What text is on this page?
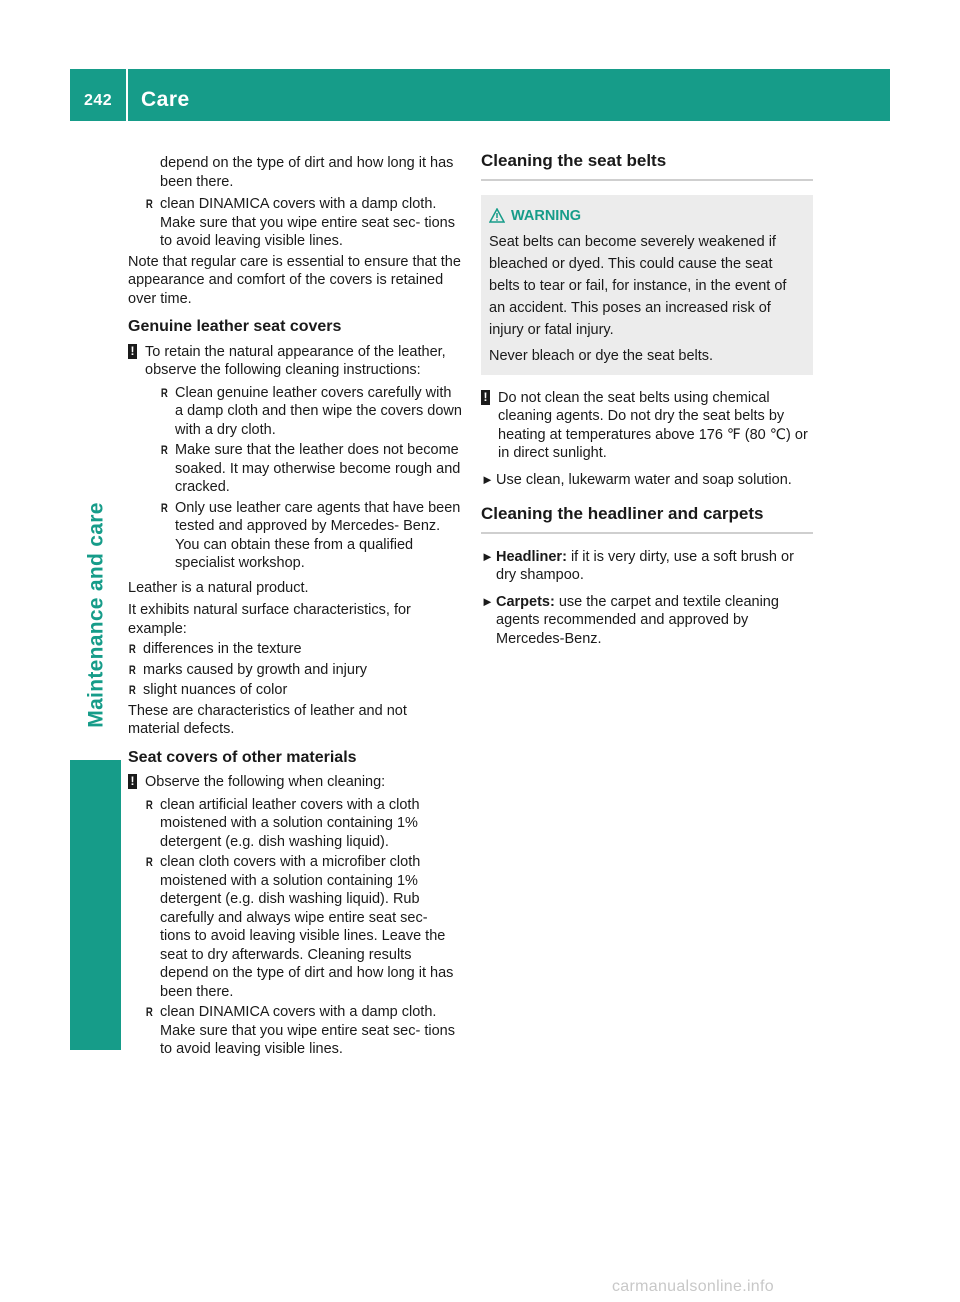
242 Care
Maintenance and care

depend on the type of dirt and how long it has been there.

R clean DINAMICA covers with a damp cloth. Make sure that you wipe entire seat sec- tions to avoid leaving visible lines.

Note that regular care is essential to ensure that the appearance and comfort of the covers is retained over time.

Genuine leather seat covers
! To retain the natural appearance of the leather, observe the following cleaning instructions:
R Clean genuine leather covers carefully with a damp cloth and then wipe the covers down with a dry cloth.
R Make sure that the leather does not become soaked. It may otherwise become rough and cracked.
R Only use leather care agents that have been tested and approved by Mercedes- Benz. You can obtain these from a qualified specialist workshop.

Leather is a natural product.

It exhibits natural surface characteristics, for example:

R differences in the texture
R marks caused by growth and injury
R slight nuances of color

These are characteristics of leather and not material defects.

Seat covers of other materials
! Observe the following when cleaning:
R clean artificial leather covers with a cloth moistened with a solution containing 1% detergent (e.g. dish washing liquid).
R clean cloth covers with a microfiber cloth moistened with a solution containing 1% detergent (e.g. dish washing liquid). Rub carefully and always wipe entire seat sec- tions to avoid leaving visible lines. Leave the seat to dry afterwards. Cleaning results depend on the type of dirt and how long it has been there.
R clean DINAMICA covers with a damp cloth. Make sure that you wipe entire seat sec- tions to avoid leaving visible lines.
Cleaning the seat belts
WARNING

Seat belts can become severely weakened if bleached or dyed. This could cause the seat belts to tear or fail, for instance, in the event of an accident. This poses an increased risk of injury or fatal injury.

Never bleach or dye the seat belts.

! Do not clean the seat belts using chemical cleaning agents. Do not dry the seat belts by heating at temperatures above 176 ℉ (80 ℃) or in direct sunlight.
► Use clean, lukewarm water and soap solution.
Cleaning the headliner and carpets
► Headliner: if it is very dirty, use a soft brush or dry shampoo.
► Carpets: use the carpet and textile cleaning agents recommended and approved by Mercedes-Benz.
carmanualsonline.info
